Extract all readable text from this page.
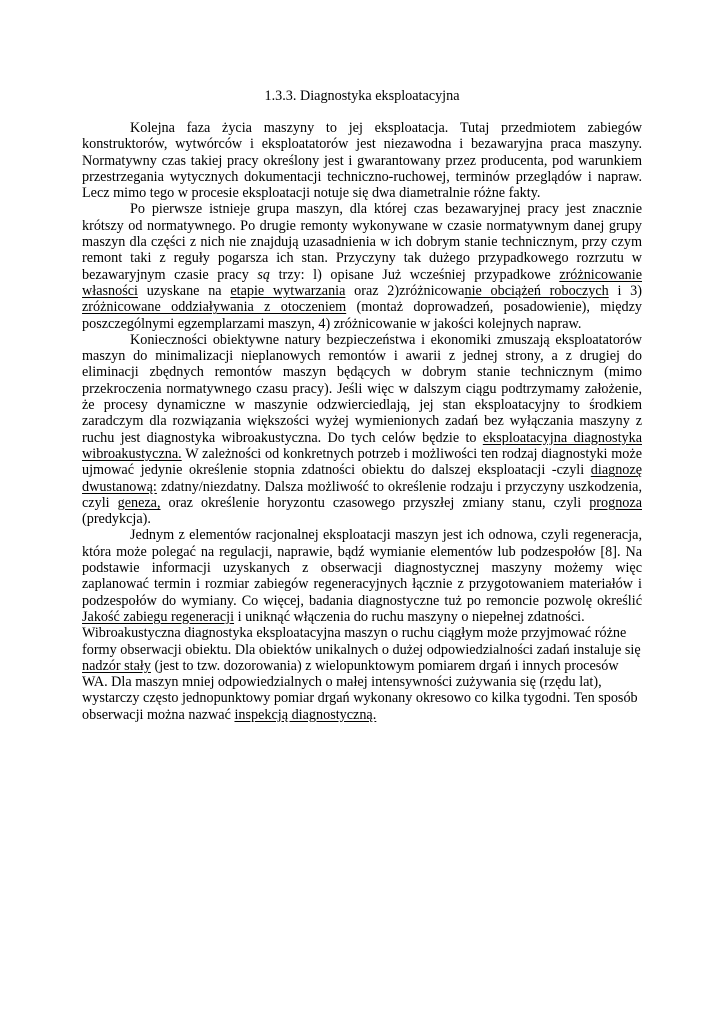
1.3.3. Diagnostyka eksploatacyjna

Kolejna faza życia maszyny to jej eksploatacja. Tutaj przedmiotem zabiegów konstruktorów, wytwórców i eksploatatorów jest niezawodna i bezawaryjna praca maszyny. Normatywny czas takiej pracy określony jest i gwarantowany przez producenta, pod warunkiem przestrzegania wytycznych dokumentacji techniczno-ruchowej, terminów przeglądów i napraw. Lecz mimo tego w procesie eksploatacji notuje się dwa diametralnie różne fakty.

Po pierwsze istnieje grupa maszyn, dla której czas bezawaryjnej pracy jest znacznie krótszy od normatywnego. Po drugie remonty wykonywane w czasie normatywnym danej grupy maszyn dla części z nich nie znajdują uzasadnienia w ich dobrym stanie technicznym, przy czym remont taki z reguły pogarsza ich stan. Przyczyny tak dużego przypadkowego rozrzutu w bezawaryjnym czasie pracy są trzy: l) opisane Już wcześniej przypadkowe zróżnicowanie własności uzyskane na etapie wytwarzania oraz 2)zróżnicowanie obciążeń roboczych i 3) zróżnicowane oddziaływania z otoczeniem (montaż doprowadzeń, posadowienie), między poszczególnymi egzemplarzami maszyn, 4) zróżnicowanie w jakości kolejnych napraw.

Konieczności obiektywne natury bezpieczeństwa i ekonomiki zmuszają eksploatatorów maszyn do minimalizacji nieplanowych remontów i awarii z jednej strony, a z drugiej do eliminacji zbędnych remontów maszyn będących w dobrym stanie technicznym (mimo przekroczenia normatywnego czasu pracy). Jeśli więc w dalszym ciągu podtrzymamy założenie, że procesy dynamiczne w maszynie odzwierciedlają, jej stan eksploatacyjny to środkiem zaradczym dla rozwiązania większości wyżej wymienionych zadań bez wyłączania maszyny z ruchu jest diagnostyka wibroakustyczna. Do tych celów będzie to eksploatacyjna diagnostyka wibroakustyczna. W zależności od konkretnych potrzeb i możliwości ten rodzaj diagnostyki może ujmować jedynie określenie stopnia zdatności obiektu do dalszej eksploatacji -czyli diagnozę dwustanową: zdatny/niezdatny. Dalsza możliwość to określenie rodzaju i przyczyny uszkodzenia, czyli geneza, oraz określenie horyzontu czasowego przyszłej zmiany stanu, czyli prognoza (predykcja).

Jednym z elementów racjonalnej eksploatacji maszyn jest ich odnowa, czyli regeneracja, która może polegać na regulacji, naprawie, bądź wymianie elementów lub podzespołów [8]. Na podstawie informacji uzyskanych z obserwacji diagnostycznej maszyny możemy więc zaplanować termin i rozmiar zabiegów regeneracyjnych łącznie z przygotowaniem materiałów i podzespołów do wymiany. Co więcej, badania diagnostyczne tuż po remoncie pozwolę określić Jakość zabiegu regeneracji i uniknąć włączenia do ruchu maszyny o niepełnej zdatności.

Wibroakustyczna diagnostyka eksploatacyjna maszyn o ruchu ciągłym może przyjmować różne formy obserwacji obiektu. Dla obiektów unikalnych o dużej odpowiedzialności zadań instaluje się nadzór stały (jest to tzw. dozorowania) z wielopunktowym pomiarem drgań i innych procesów WA. Dla maszyn mniej odpowiedzialnych o małej intensywności zużywania się (rzędu lat), wystarczy często jednopunktowy pomiar drgań wykonany okresowo co kilka tygodni. Ten sposób obserwacji można nazwać inspekcją diagnostyczną.
